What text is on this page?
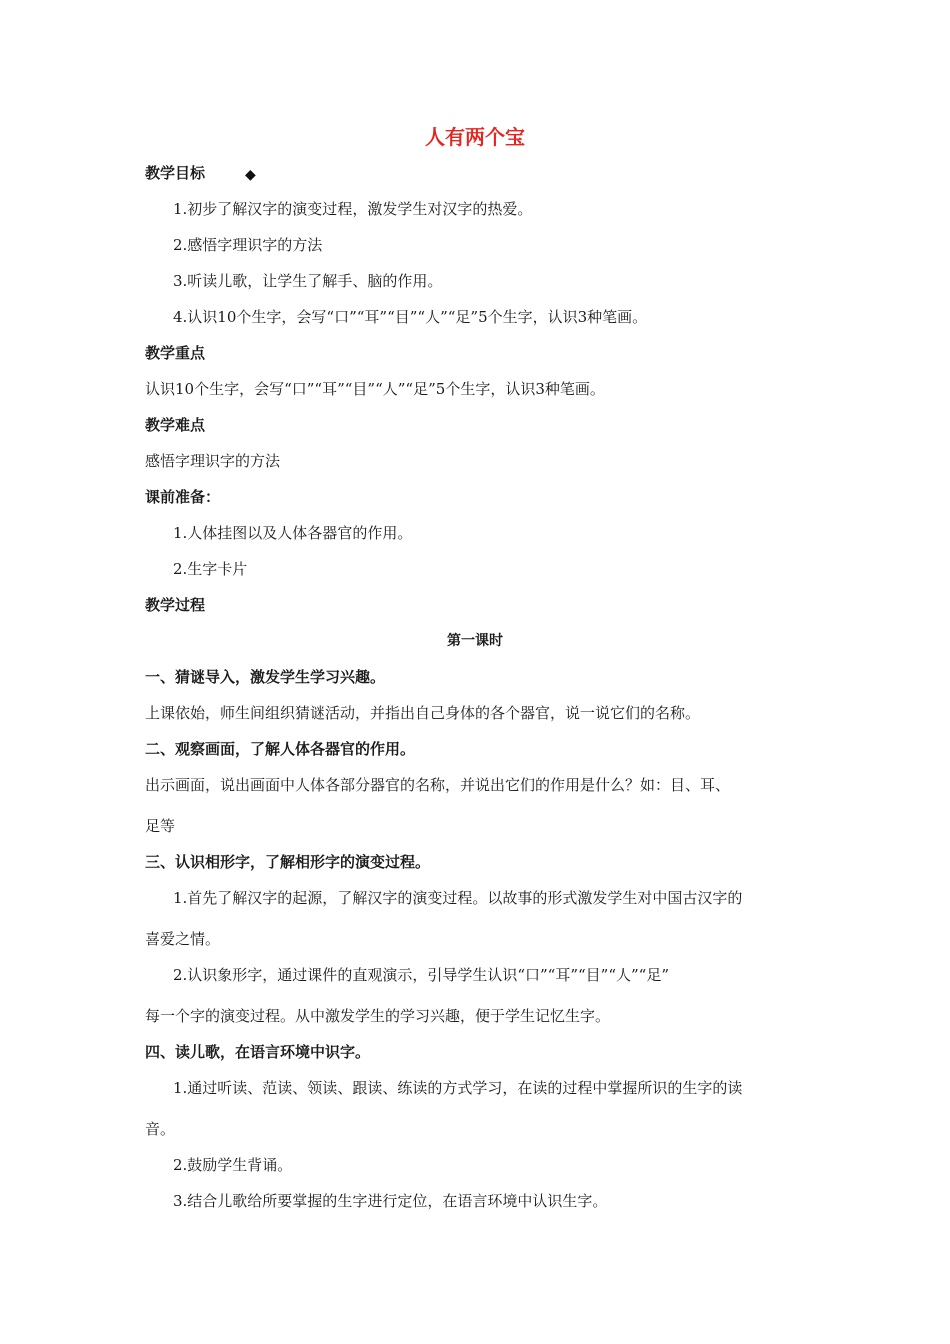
人有两个宝
教学目标	◆
1.初步了解汉字的演变过程，激发学生对汉字的热爱。
2.感悟字理识字的方法
3.听读儿歌，让学生了解手、脑的作用。
4.认识10个生字，会写“口”“耳”“目”“人”“足”5个生字，认识3种笔画。
教学重点
认识10个生字，会写“口”“耳”“目”“人”“足”5个生字，认识3种笔画。
教学难点
感悟字理识字的方法
课前准备：
1.人体挂图以及人体各器官的作用。
2.生字卡片
教学过程
第一课时
一、猜谜导入，激发学生学习兴趣。
上课依始，师生间组织猜谜活动，并指出自己身体的各个器官，说一说它们的名称。
二、观察画面，了解人体各器官的作用。
出示画面，说出画面中人体各部分器官的名称，并说出它们的作用是什么？如：目、耳、
足等
三、认识相形字，了解相形字的演变过程。
1.首先了解汉字的起源，了解汉字的演变过程。以故事的形式激发学生对中国古汉字的
喜爱之情。
2.认识象形字，通过课件的直观演示，引导学生认识“口”“耳”“目”“人”“足”
每一个字的演变过程。从中激发学生的学习兴趣，便于学生记忆生字。
四、读儿歌，在语言环境中识字。
1.通过听读、范读、领读、跟读、练读的方式学习，在读的过程中掌握所识的生字的读
音。
2.鼓励学生背诵。
3.结合儿歌给所要掌握的生字进行定位，在语言环境中认识生字。
